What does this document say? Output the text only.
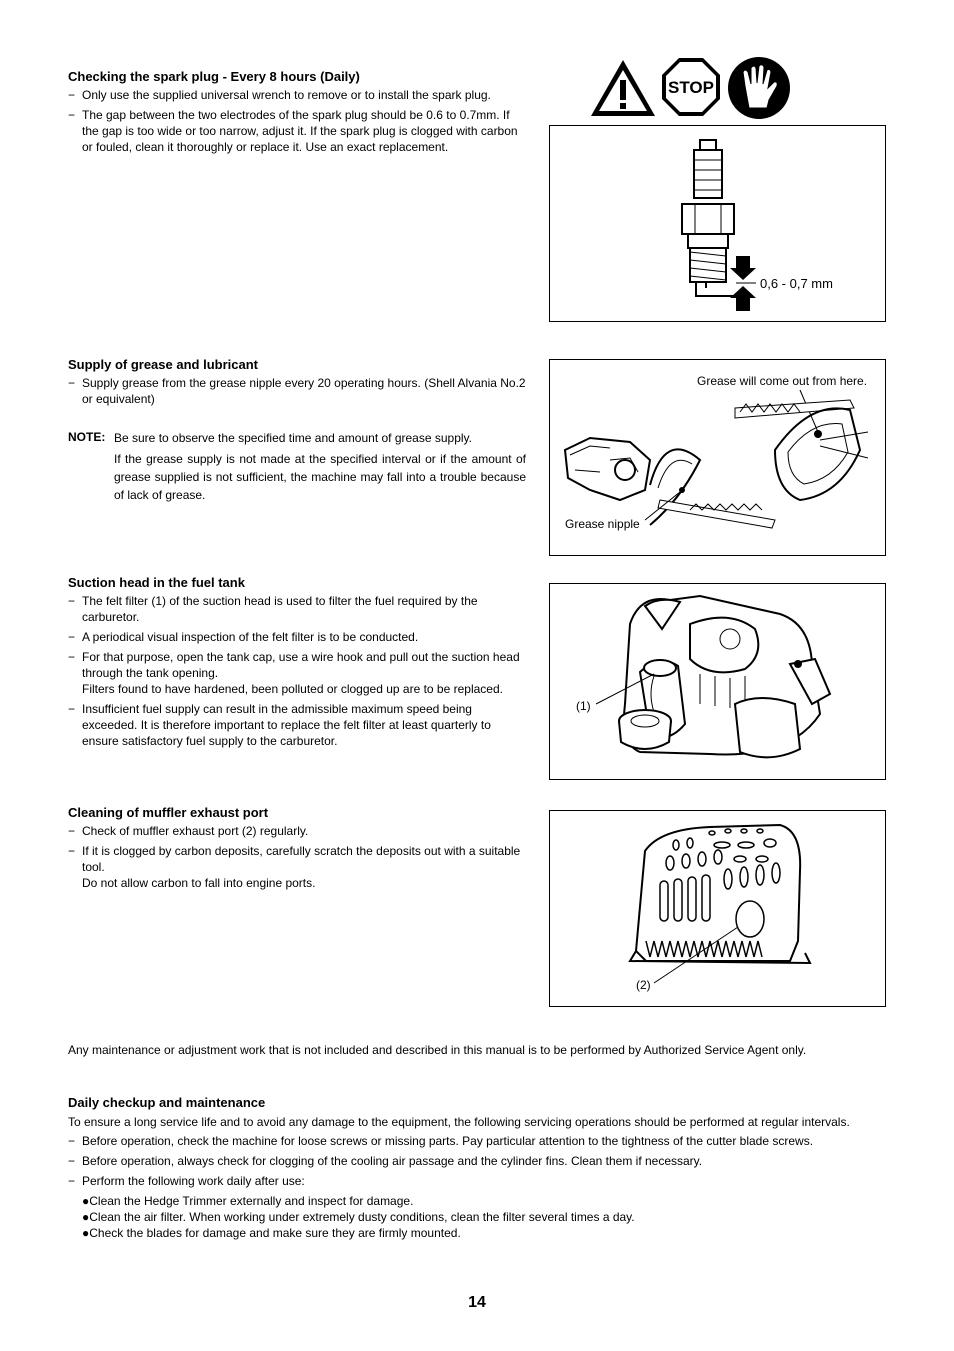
Checking the spark plug - Every 8 hours (Daily)
− Only use the supplied universal wrench to remove or to install the spark plug.
− The gap between the two electrodes of the spark plug should be 0.6 to 0.7mm. If the gap is too wide or too narrow, adjust it. If the spark plug is clogged with carbon or fouled, clean it thoroughly or replace it. Use an exact replacement.
STOP
0,6 - 0,7 mm
Supply of grease and lubricant
− Supply grease from the grease nipple every 20 operating hours. (Shell Alvania No.2 or equivalent)
NOTE: Be sure to observe the specified time and amount of grease supply.

If the grease supply is not made at the specified interval or if the amount of grease supplied is not sufficient, the machine may fall into a trouble because of lack of grease.

Grease will come out from here.
Grease nipple
Suction head in the fuel tank
− The felt filter (1) of the suction head is used to filter the fuel required by the carburetor.
− A periodical visual inspection of the felt filter is to be conducted.
− For that purpose, open the tank cap, use a wire hook and pull out the suction head through the tank opening.
Filters found to have hardened, been polluted or clogged up are to be replaced.
− Insufficient fuel supply can result in the admissible maximum speed being exceeded. It is therefore important to replace the felt filter at least quarterly to ensure satisfactory fuel supply to the carburetor.
(1)
Cleaning of muffler exhaust port
− Check of muffler exhaust port (2) regularly.
− If it is clogged by carbon deposits, carefully scratch the deposits out with a suitable tool.
Do not allow carbon to fall into engine ports.
(2)
Any maintenance or adjustment work that is not included and described in this manual is to be performed by Authorized Service Agent only.
Daily checkup and maintenance
To ensure a long service life and to avoid any damage to the equipment, the following servicing operations should be performed at regular intervals.
− Before operation, check the machine for loose screws or missing parts. Pay particular attention to the tightness of the cutter blade screws.
− Before operation, always check for clogging of the cooling air passage and the cylinder fins. Clean them if necessary.
− Perform the following work daily after use:

●Clean the Hedge Trimmer externally and inspect for damage.

●Clean the air filter. When working under extremely dusty conditions, clean the filter several times a day.

●Check the blades for damage and make sure they are firmly mounted.

14
